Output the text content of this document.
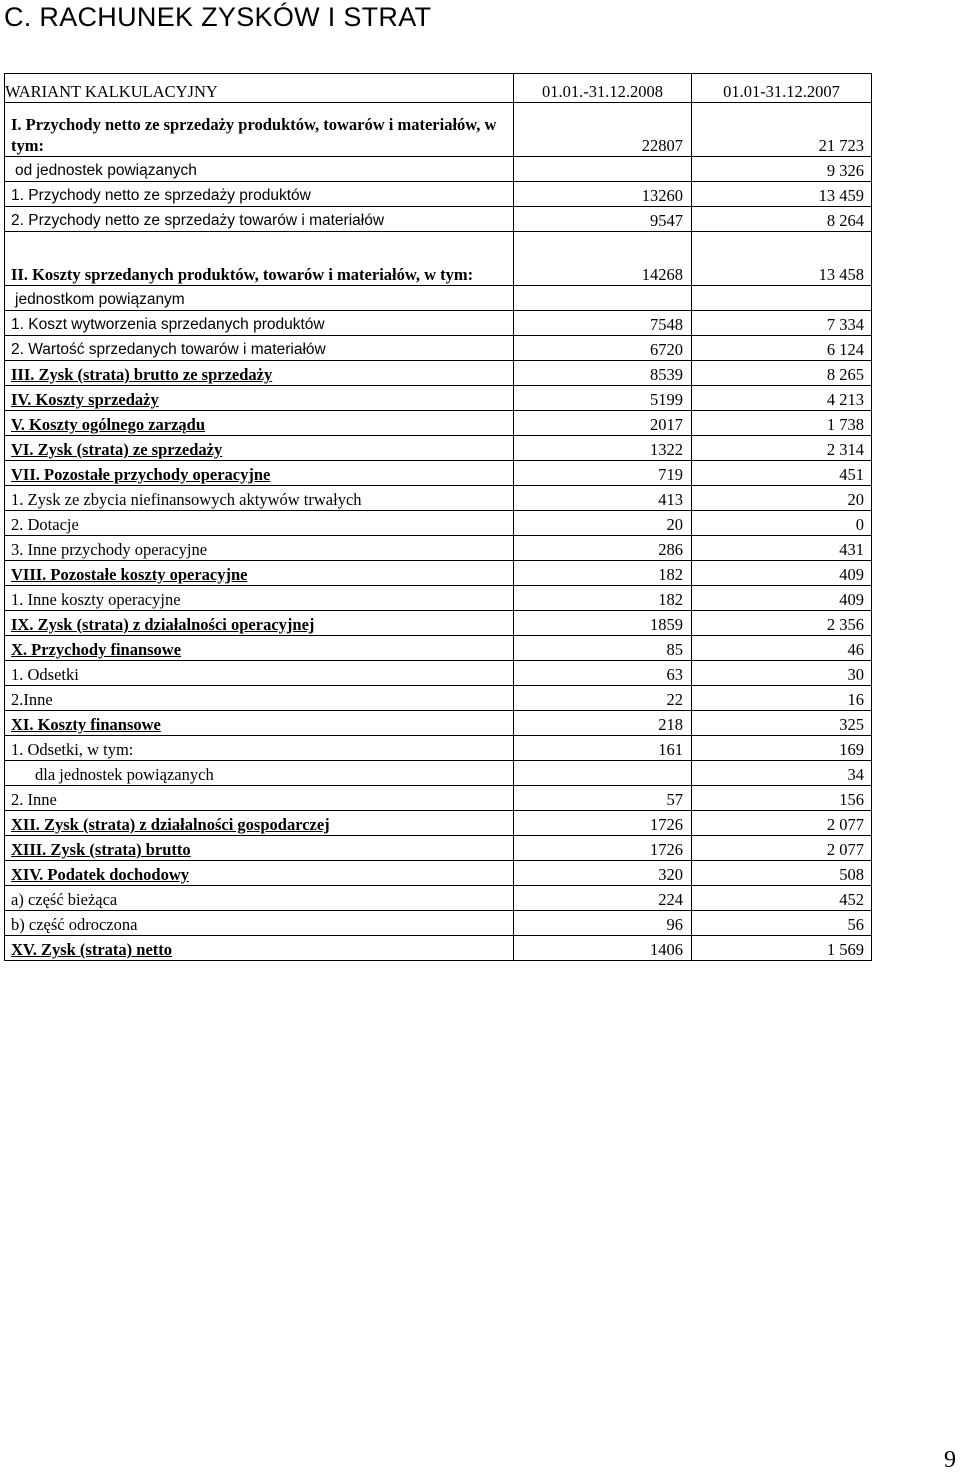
C. RACHUNEK ZYSKÓW I STRAT
WARIANT KALKULACYJNY	01.01.-31.12.2008	01.01-31.12.2007
I. Przychody netto ze sprzedaży produktów, towarów i materiałów, w tym:	22807	21 723
od jednostek powiązanych		9 326
1. Przychody netto ze sprzedaży produktów	13260	13 459
2. Przychody netto ze sprzedaży towarów i materiałów	9547	8 264
II. Koszty sprzedanych produktów, towarów i materiałów, w tym:	14268	13 458
jednostkom powiązanym		
1. Koszt wytworzenia sprzedanych produktów	7548	7 334
2. Wartość sprzedanych towarów i materiałów	6720	6 124
III. Zysk (strata) brutto ze sprzedaży	8539	8 265
IV. Koszty sprzedaży	5199	4 213
V. Koszty ogólnego zarządu	2017	1 738
VI. Zysk (strata) ze sprzedaży	1322	2 314
VII. Pozostałe przychody operacyjne	719	451
1. Zysk ze zbycia niefinansowych aktywów trwałych	413	20
2. Dotacje	20	0
3. Inne przychody operacyjne	286	431
VIII. Pozostałe koszty operacyjne	182	409
1. Inne koszty operacyjne	182	409
IX. Zysk (strata) z działalności operacyjnej	1859	2 356
X. Przychody finansowe	85	46
1. Odsetki	63	30
2.Inne	22	16
XI. Koszty finansowe	218	325
1. Odsetki, w tym:	161	169
dla jednostek powiązanych		34
2. Inne	57	156
XII. Zysk (strata) z działalności gospodarczej	1726	2 077
XIII. Zysk (strata) brutto	1726	2 077
XIV. Podatek dochodowy	320	508
a) część bieżąca	224	452
b) część odroczona	96	56
XV. Zysk (strata) netto	1406	1 569
9
